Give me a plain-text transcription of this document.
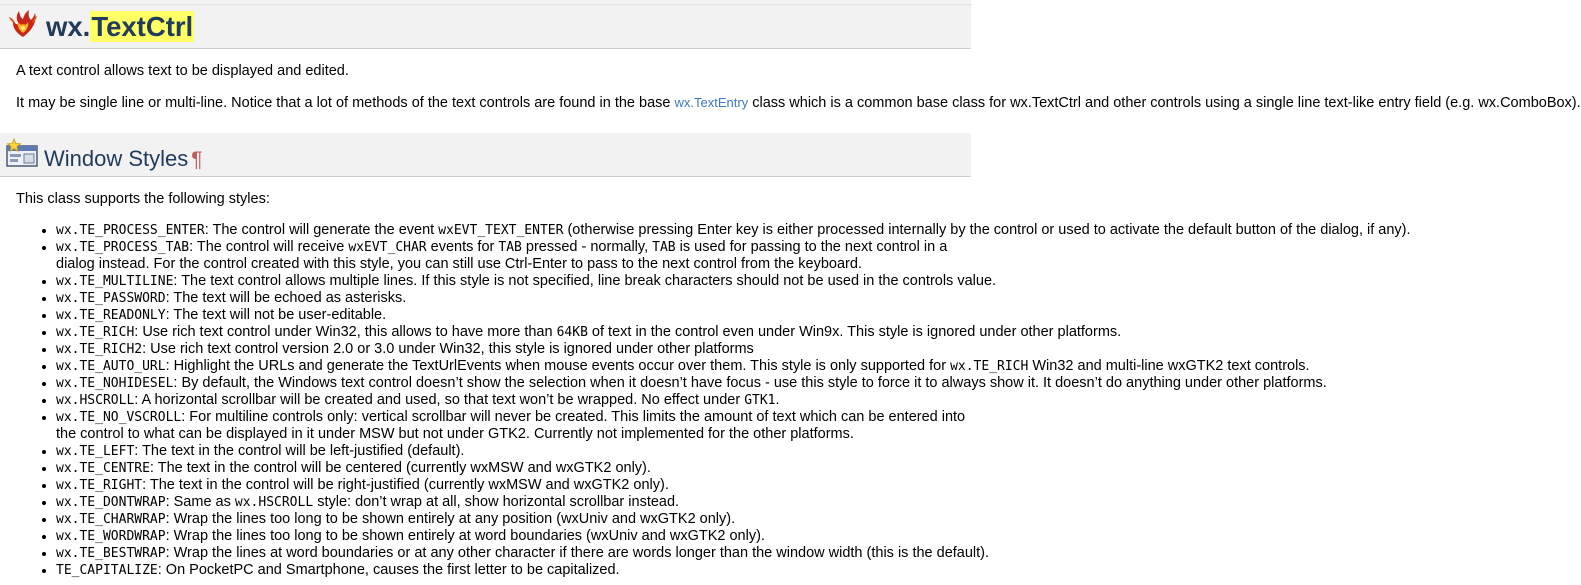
wx.TextCtrl
A text control allows text to be displayed and edited.
It may be single line or multi-line. Notice that a lot of methods of the text controls are found in the base wx.TextEntry class which is a common base class for wx.TextCtrl and other controls using a single line text-like entry field (e.g. wx.ComboBox).
Window Styles ¶
This class supports the following styles:
• wx.TE_PROCESS_ENTER: The control will generate the event wxEVT_TEXT_ENTER (otherwise pressing Enter key is either processed internally by the control or used to activate the default button of the dialog, if any).
• wx.TE_PROCESS_TAB: The control will receive wxEVT_CHAR events for TAB pressed - normally, TAB is used for passing to the next control in a dialog instead. For the control created with this style, you can still use Ctrl-Enter to pass to the next control from the keyboard.
• wx.TE_MULTILINE: The text control allows multiple lines. If this style is not specified, line break characters should not be used in the controls value.
• wx.TE_PASSWORD: The text will be echoed as asterisks.
• wx.TE_READONLY: The text will not be user-editable.
• wx.TE_RICH: Use rich text control under Win32, this allows to have more than 64KB of text in the control even under Win9x. This style is ignored under other platforms.
• wx.TE_RICH2: Use rich text control version 2.0 or 3.0 under Win32, this style is ignored under other platforms
• wx.TE_AUTO_URL: Highlight the URLs and generate the TextUrlEvents when mouse events occur over them. This style is only supported for wx.TE_RICH Win32 and multi-line wxGTK2 text controls.
• wx.TE_NOHIDESEL: By default, the Windows text control doesn’t show the selection when it doesn’t have focus - use this style to force it to always show it. It doesn’t do anything under other platforms.
• wx.HSCROLL: A horizontal scrollbar will be created and used, so that text won’t be wrapped. No effect under GTK1.
• wx.TE_NO_VSCROLL: For multiline controls only: vertical scrollbar will never be created. This limits the amount of text which can be entered into the control to what can be displayed in it under MSW but not under GTK2. Currently not implemented for the other platforms.
• wx.TE_LEFT: The text in the control will be left-justified (default).
• wx.TE_CENTRE: The text in the control will be centered (currently wxMSW and wxGTK2 only).
• wx.TE_RIGHT: The text in the control will be right-justified (currently wxMSW and wxGTK2 only).
• wx.TE_DONTWRAP: Same as wx.HSCROLL style: don’t wrap at all, show horizontal scrollbar instead.
• wx.TE_CHARWRAP: Wrap the lines too long to be shown entirely at any position (wxUniv and wxGTK2 only).
• wx.TE_WORDWRAP: Wrap the lines too long to be shown entirely at word boundaries (wxUniv and wxGTK2 only).
• wx.TE_BESTWRAP: Wrap the lines at word boundaries or at any other character if there are words longer than the window width (this is the default).
• TE_CAPITALIZE: On PocketPC and Smartphone, causes the first letter to be capitalized.
